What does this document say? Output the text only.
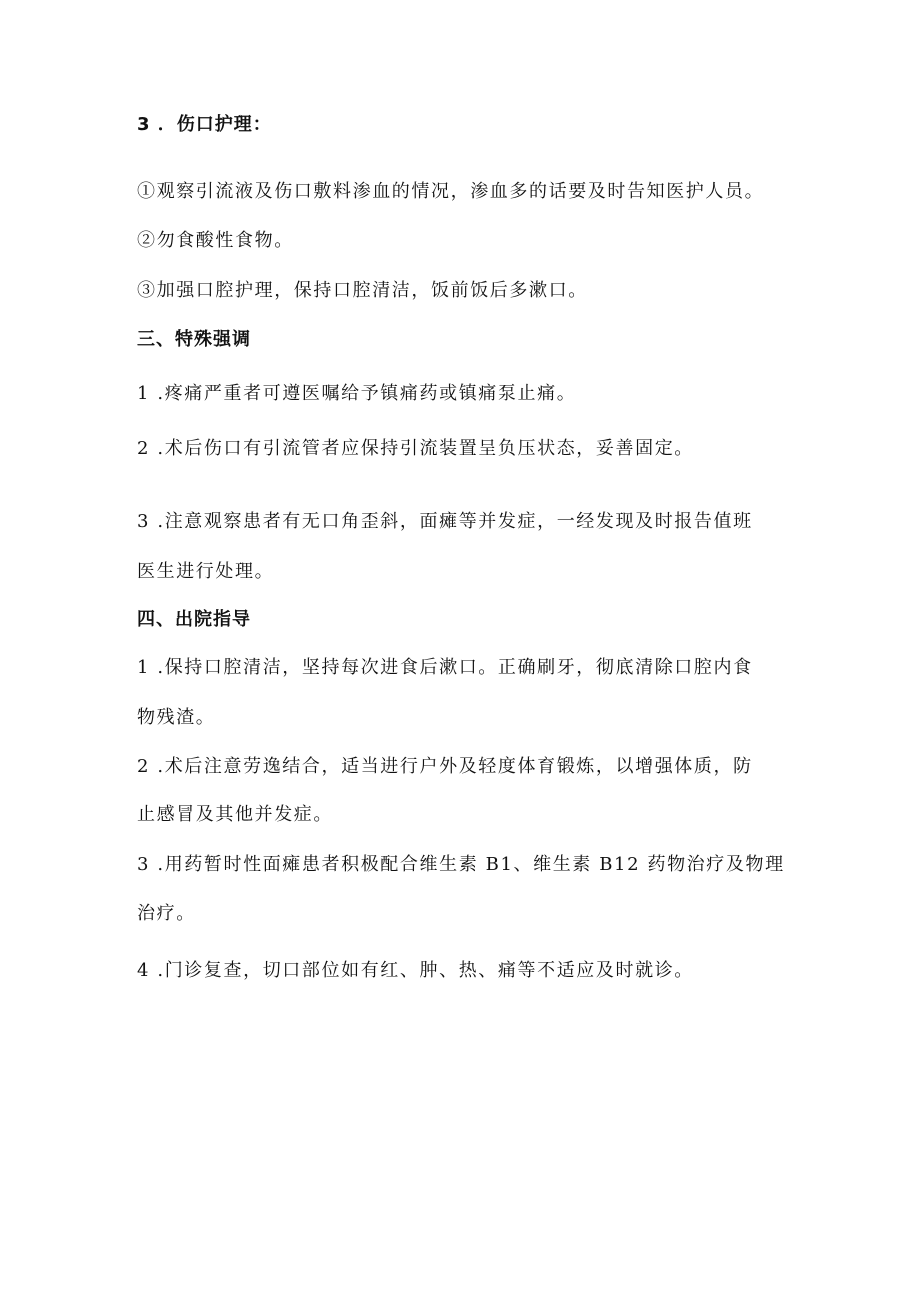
3 ．伤口护理：
①观察引流液及伤口敷料渗血的情况，渗血多的话要及时告知医护人员。
②勿食酸性食物。
③加强口腔护理，保持口腔清洁，饭前饭后多漱口。
三、特殊强调
1 .疼痛严重者可遵医嘱给予镇痛药或镇痛泵止痛。
2 .术后伤口有引流管者应保持引流装置呈负压状态，妥善固定。
3 .注意观察患者有无口角歪斜，面瘫等并发症，一经发现及时报告值班
医生进行处理。
四、出院指导
1 .保持口腔清洁，坚持每次进食后漱口。正确刷牙，彻底清除口腔内食
物残渣。
2 .术后注意劳逸结合，适当进行户外及轻度体育锻炼，以增强体质，防
止感冒及其他并发症。
3 .用药暂时性面瘫患者积极配合维生素 B1、维生素 B12 药物治疗及物理
治疗。
4 .门诊复查，切口部位如有红、肿、热、痛等不适应及时就诊。
